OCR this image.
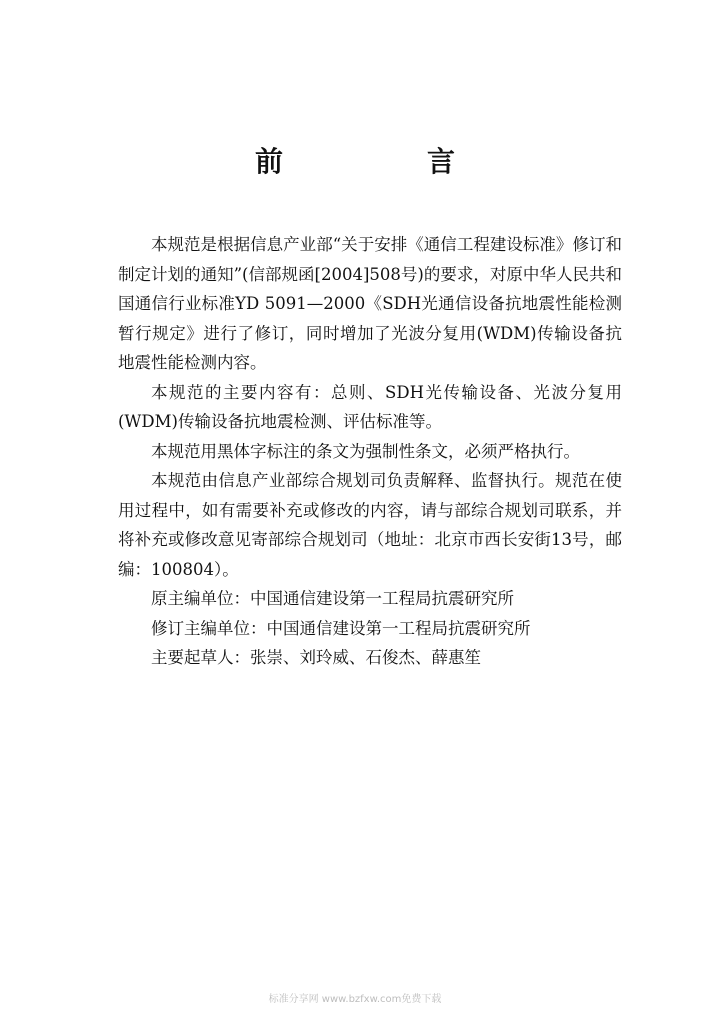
前　言

本规范是根据信息产业部“关于安排《通信工程建设标准》修订和制定计划的通知”(信部规函[2004]508号)的要求，对原中华人民共和国通信行业标准YD 5091—2000《SDH光通信设备抗地震性能检测暂行规定》进行了修订，同时增加了光波分复用(WDM)传输设备抗地震性能检测内容。

本规范的主要内容有：总则、SDH光传输设备、光波分复用(WDM)传输设备抗地震检测、评估标准等。

本规范用黑体字标注的条文为强制性条文，必须严格执行。

本规范由信息产业部综合规划司负责解释、监督执行。规范在使用过程中，如有需要补充或修改的内容，请与部综合规划司联系，并将补充或修改意见寄部综合规划司（地址：北京市西长安街13号，邮编：100804）。

原主编单位：中国通信建设第一工程局抗震研究所

修订主编单位：中国通信建设第一工程局抗震研究所

主要起草人：张崇、刘玲威、石俊杰、薛惠笙

标准分享网 www.bzfxw.com免费下载
